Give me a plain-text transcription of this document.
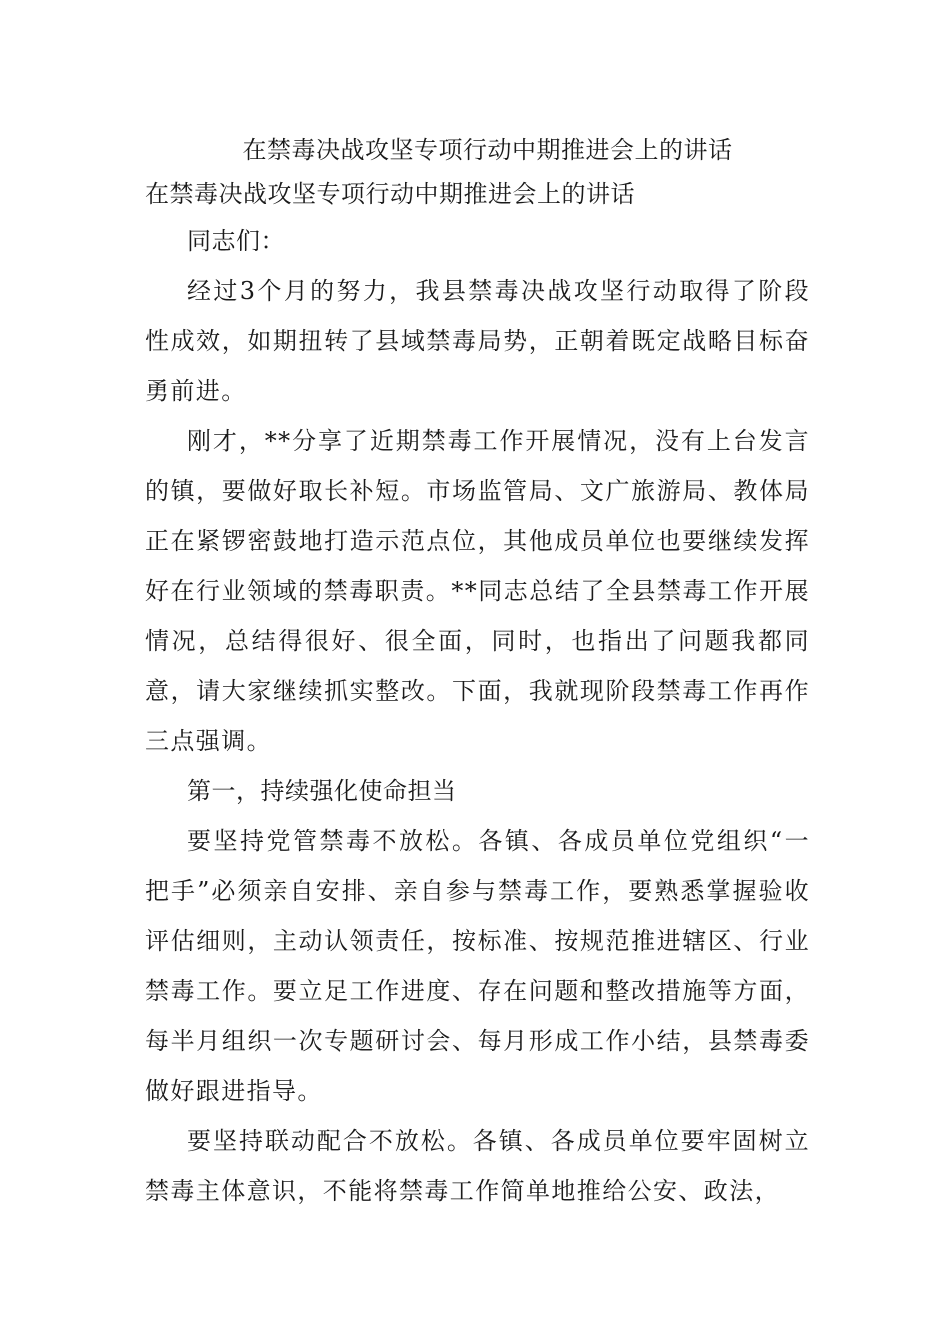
在禁毒决战攻坚专项行动中期推进会上的讲话
在禁毒决战攻坚专项行动中期推进会上的讲话

同志们：

经过3个月的努力，我县禁毒决战攻坚行动取得了阶段性成效，如期扭转了县域禁毒局势，正朝着既定战略目标奋勇前进。

刚才，**分享了近期禁毒工作开展情况，没有上台发言的镇，要做好取长补短。市场监管局、文广旅游局、教体局正在紧锣密鼓地打造示范点位，其他成员单位也要继续发挥好在行业领域的禁毒职责。**同志总结了全县禁毒工作开展情况，总结得很好、很全面，同时，也指出了问题我都同意，请大家继续抓实整改。下面，我就现阶段禁毒工作再作三点强调。

第一，持续强化使命担当

要坚持党管禁毒不放松。各镇、各成员单位党组织“一把手”必须亲自安排、亲自参与禁毒工作，要熟悉掌握验收评估细则，主动认领责任，按标准、按规范推进辖区、行业禁毒工作。要立足工作进度、存在问题和整改措施等方面，每半月组织一次专题研讨会、每月形成工作小结，县禁毒委做好跟进指导。

要坚持联动配合不放松。各镇、各成员单位要牢固树立禁毒主体意识，不能将禁毒工作简单地推给公安、政法，
